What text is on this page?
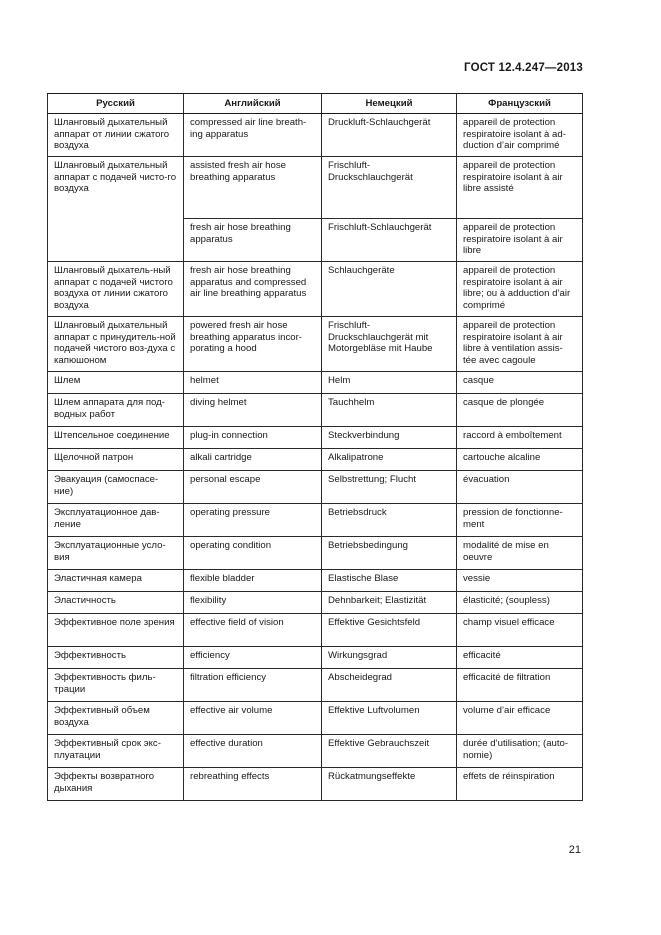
ГОСТ 12.4.247—2013
Русский	Английский	Немецкий	Французский
Шланговый дыхательный аппарат от линии сжатого воздуха	compressed air line breath-ing apparatus	Druckluft-Schlauchgerät	appareil de protection respiratoire isolant à ad-duction d’air comprimé
Шланговый дыхательный аппарат с подачей чисто-го воздуха	assisted fresh air hose breathing apparatus	Frischluft-Druckschlauchgerät	appareil de protection respiratoire isolant à air libre assisté
	fresh air hose breathing apparatus	Frischluft-Schlauchgerät	appareil de protection respiratoire isolant à air libre
Шланговый дыхатель-ный аппарат с подачей чистого воздуха от линии сжатого воздуха	fresh air hose breathing apparatus and compressed air line breathing apparatus	Schlauchgeräte	appareil de protection respiratoire isolant à air libre; ou à adduction d’air comprimé
Шланговый дыхательный аппарат с принудитель-ной подачей чистого воз-духа с капюшоном	powered fresh air hose breathing apparatus incor-porating a hood	Frischluft-Druckschlauchgerät mit Motorgebläse mit Haube	appareil de protection respiratoire isolant à air libre à ventilation assis-tée avec cagoule
Шлем	helmet	Helm	casque
Шлем аппарата для под-водных работ	diving helmet	Tauchhelm	casque de plongée
Штепсельное соединение	plug-in connection	Steckverbindung	raccord à emboîtement
Щелочной патрон	alkali cartridge	Alkalipatrone	cartouche alcaline
Эвакуация (самоспасе-ние)	personal escape	Selbstrettung; Flucht	évacuation
Эксплуатационное дав-ление	operating pressure	Betriebsdruck	pression de fonctionne-ment
Эксплуатационные усло-вия	operating condition	Betriebsbedingung	modalité de mise en oeuvre
Эластичная камера	flexible bladder	Elastische Blase	vessie
Эластичность	flexibility	Dehnbarkeit; Elastizität	élasticité; (soupless)
Эффективное поле зрения	effective field of vision	Effektive Gesichtsfeld	champ visuel efficace
Эффективность	efficiency	Wirkungsgrad	efficacité
Эффективность филь-трации	filtration efficiency	Abscheidegrad	efficacité de filtration
Эффективный объем воздуха	effective air volume	Effektive Luftvolumen	volume d’air efficace
Эффективный срок экс-плуатации	effective duration	Effektive Gebrauchszeit	durée d’utilisation; (auto-nomie)
Эффекты возвратного дыхания	rebreathing effects	Rückatmungseffekte	effets de réinspiration
21
